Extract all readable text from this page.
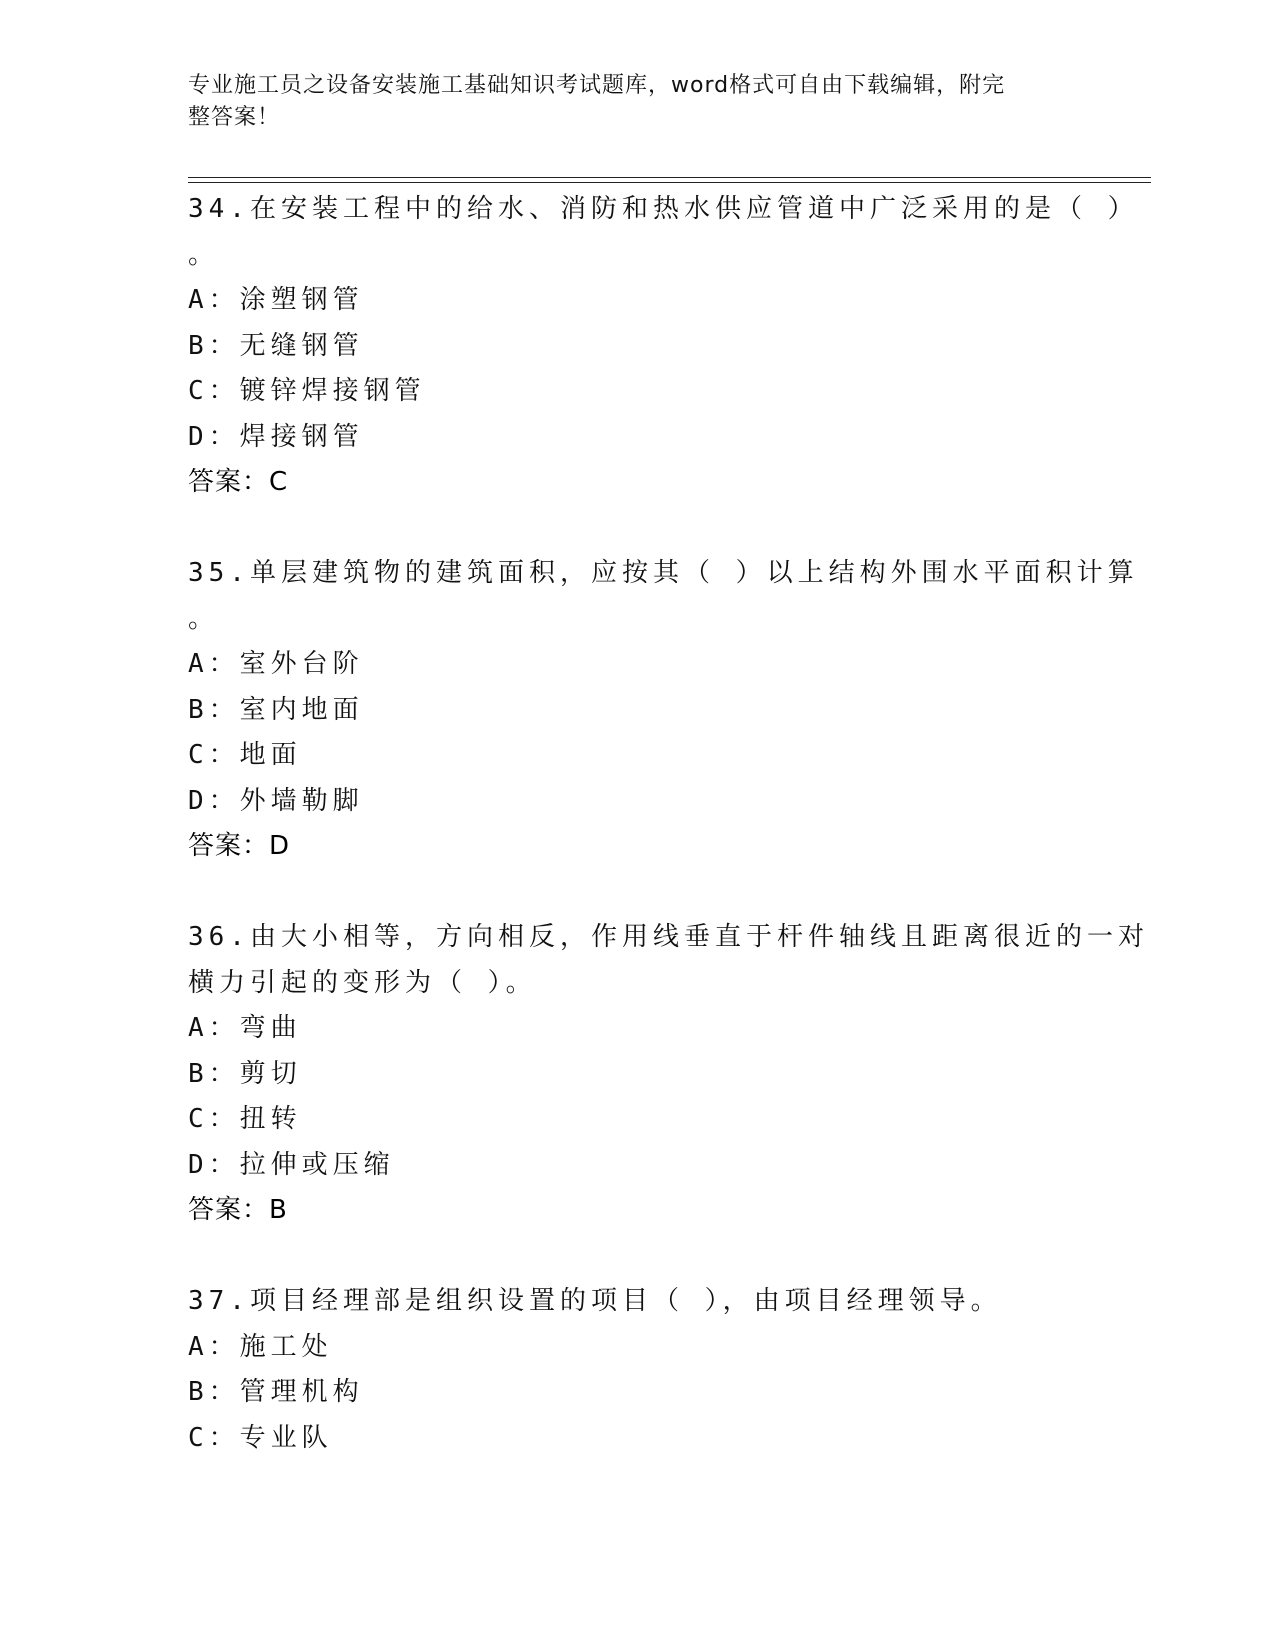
专业施工员之设备安装施工基础知识考试题库，word格式可自由下载编辑，附完
整答案！
34.在安装工程中的给水、消防和热水供应管道中广泛采用的是（ ）
。
A：涂塑钢管
B：无缝钢管
C：镀锌焊接钢管
D：焊接钢管
答案：C
35.单层建筑物的建筑面积，应按其（ ）以上结构外围水平面积计算
。
A：室外台阶
B：室内地面
C：地面
D：外墙勒脚
答案：D
36.由大小相等，方向相反，作用线垂直于杆件轴线且距离很近的一对
横力引起的变形为（ ）。
A：弯曲
B：剪切
C：扭转
D：拉伸或压缩
答案：B
37.项目经理部是组织设置的项目（ ），由项目经理领导。
A：施工处
B：管理机构
C：专业队
